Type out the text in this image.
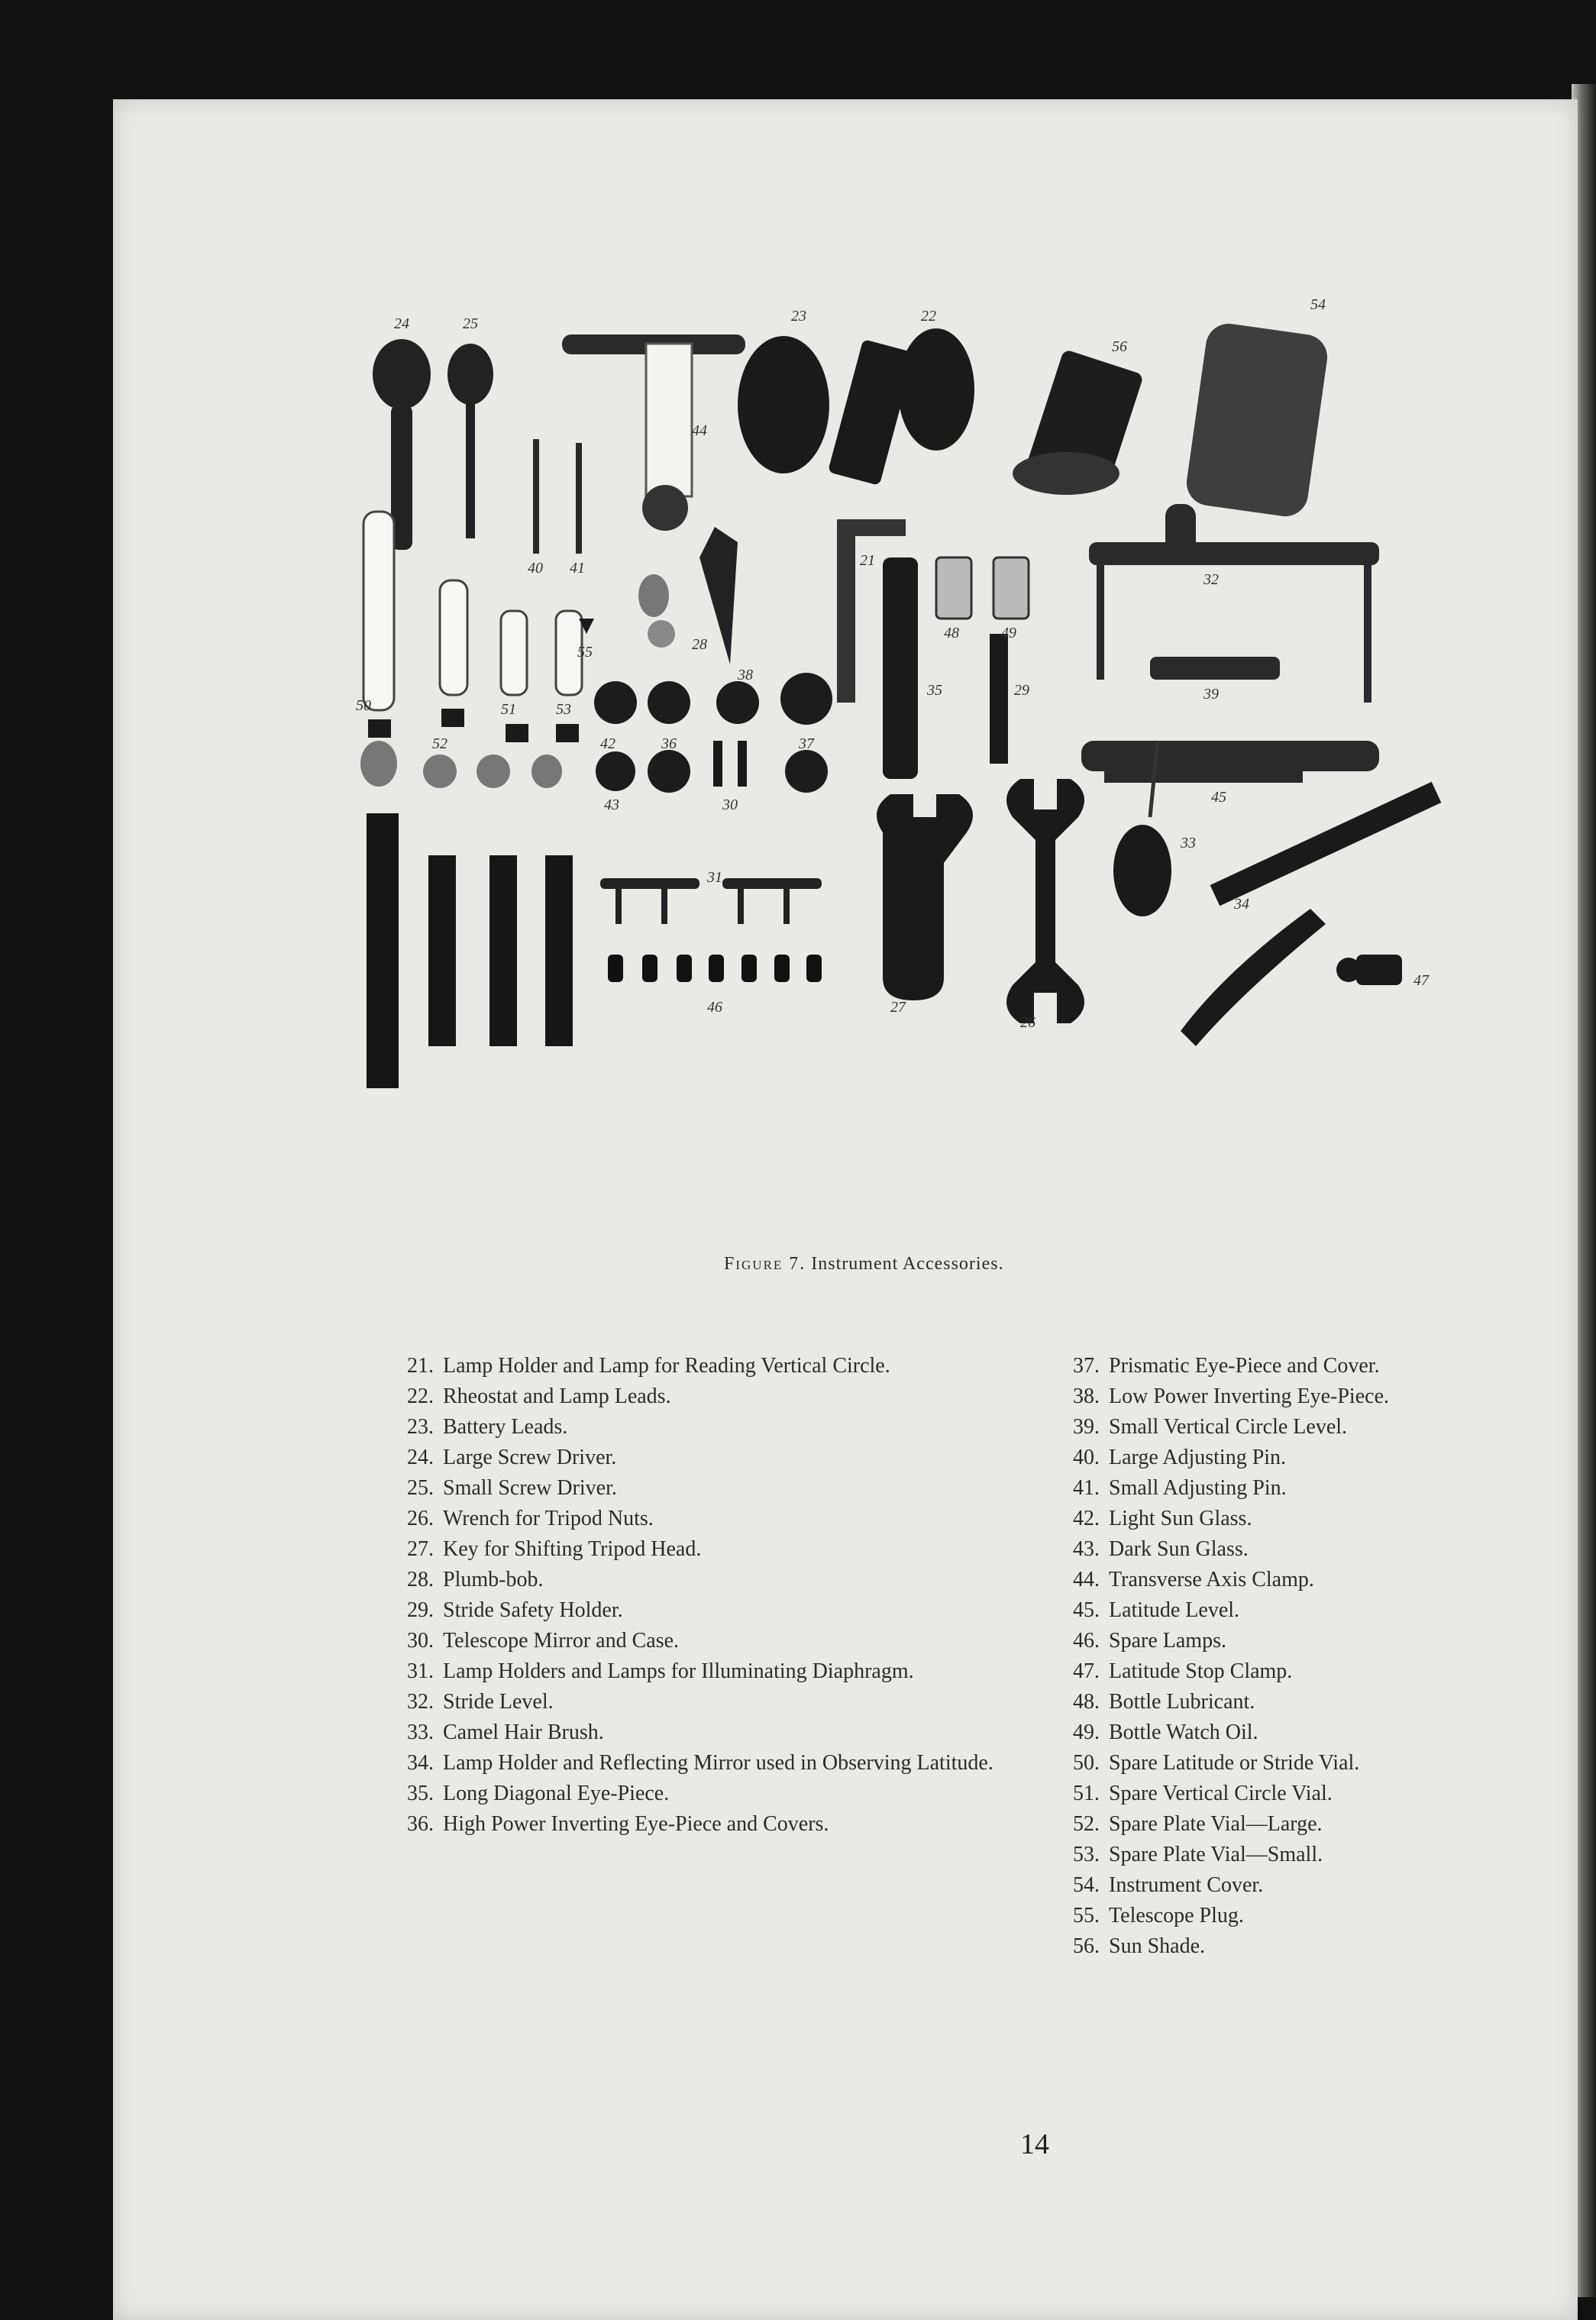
24	25
44
23	22
56
54
40 41	21
48	49
28
55
32
50	51	53
38
35	29	39
42	36	37
52
45
43	30
31
33
34
47
46	27
26
Figure 7. Instrument Accessories.
21. Lamp Holder and Lamp for Reading Vertical Circle.
22. Rheostat and Lamp Leads.
23. Battery Leads.
24. Large Screw Driver.
25. Small Screw Driver.
26. Wrench for Tripod Nuts.
27. Key for Shifting Tripod Head.
28. Plumb-bob.
29. Stride Safety Holder.
30. Telescope Mirror and Case.
31. Lamp Holders and Lamps for Illuminating Diaphragm.
32. Stride Level.
33. Camel Hair Brush.
34. Lamp Holder and Reflecting Mirror used in Observing Latitude.
35. Long Diagonal Eye-Piece.
36. High Power Inverting Eye-Piece and Covers.
37. Prismatic Eye-Piece and Cover.
38. Low Power Inverting Eye-Piece.
39. Small Vertical Circle Level.
40. Large Adjusting Pin.
41. Small Adjusting Pin.
42. Light Sun Glass.
43. Dark Sun Glass.
44. Transverse Axis Clamp.
45. Latitude Level.
46. Spare Lamps.
47. Latitude Stop Clamp.
48. Bottle Lubricant.
49. Bottle Watch Oil.
50. Spare Latitude or Stride Vial.
51. Spare Vertical Circle Vial.
52. Spare Plate Vial—Large.
53. Spare Plate Vial—Small.
54. Instrument Cover.
55. Telescope Plug.
56. Sun Shade.
14
